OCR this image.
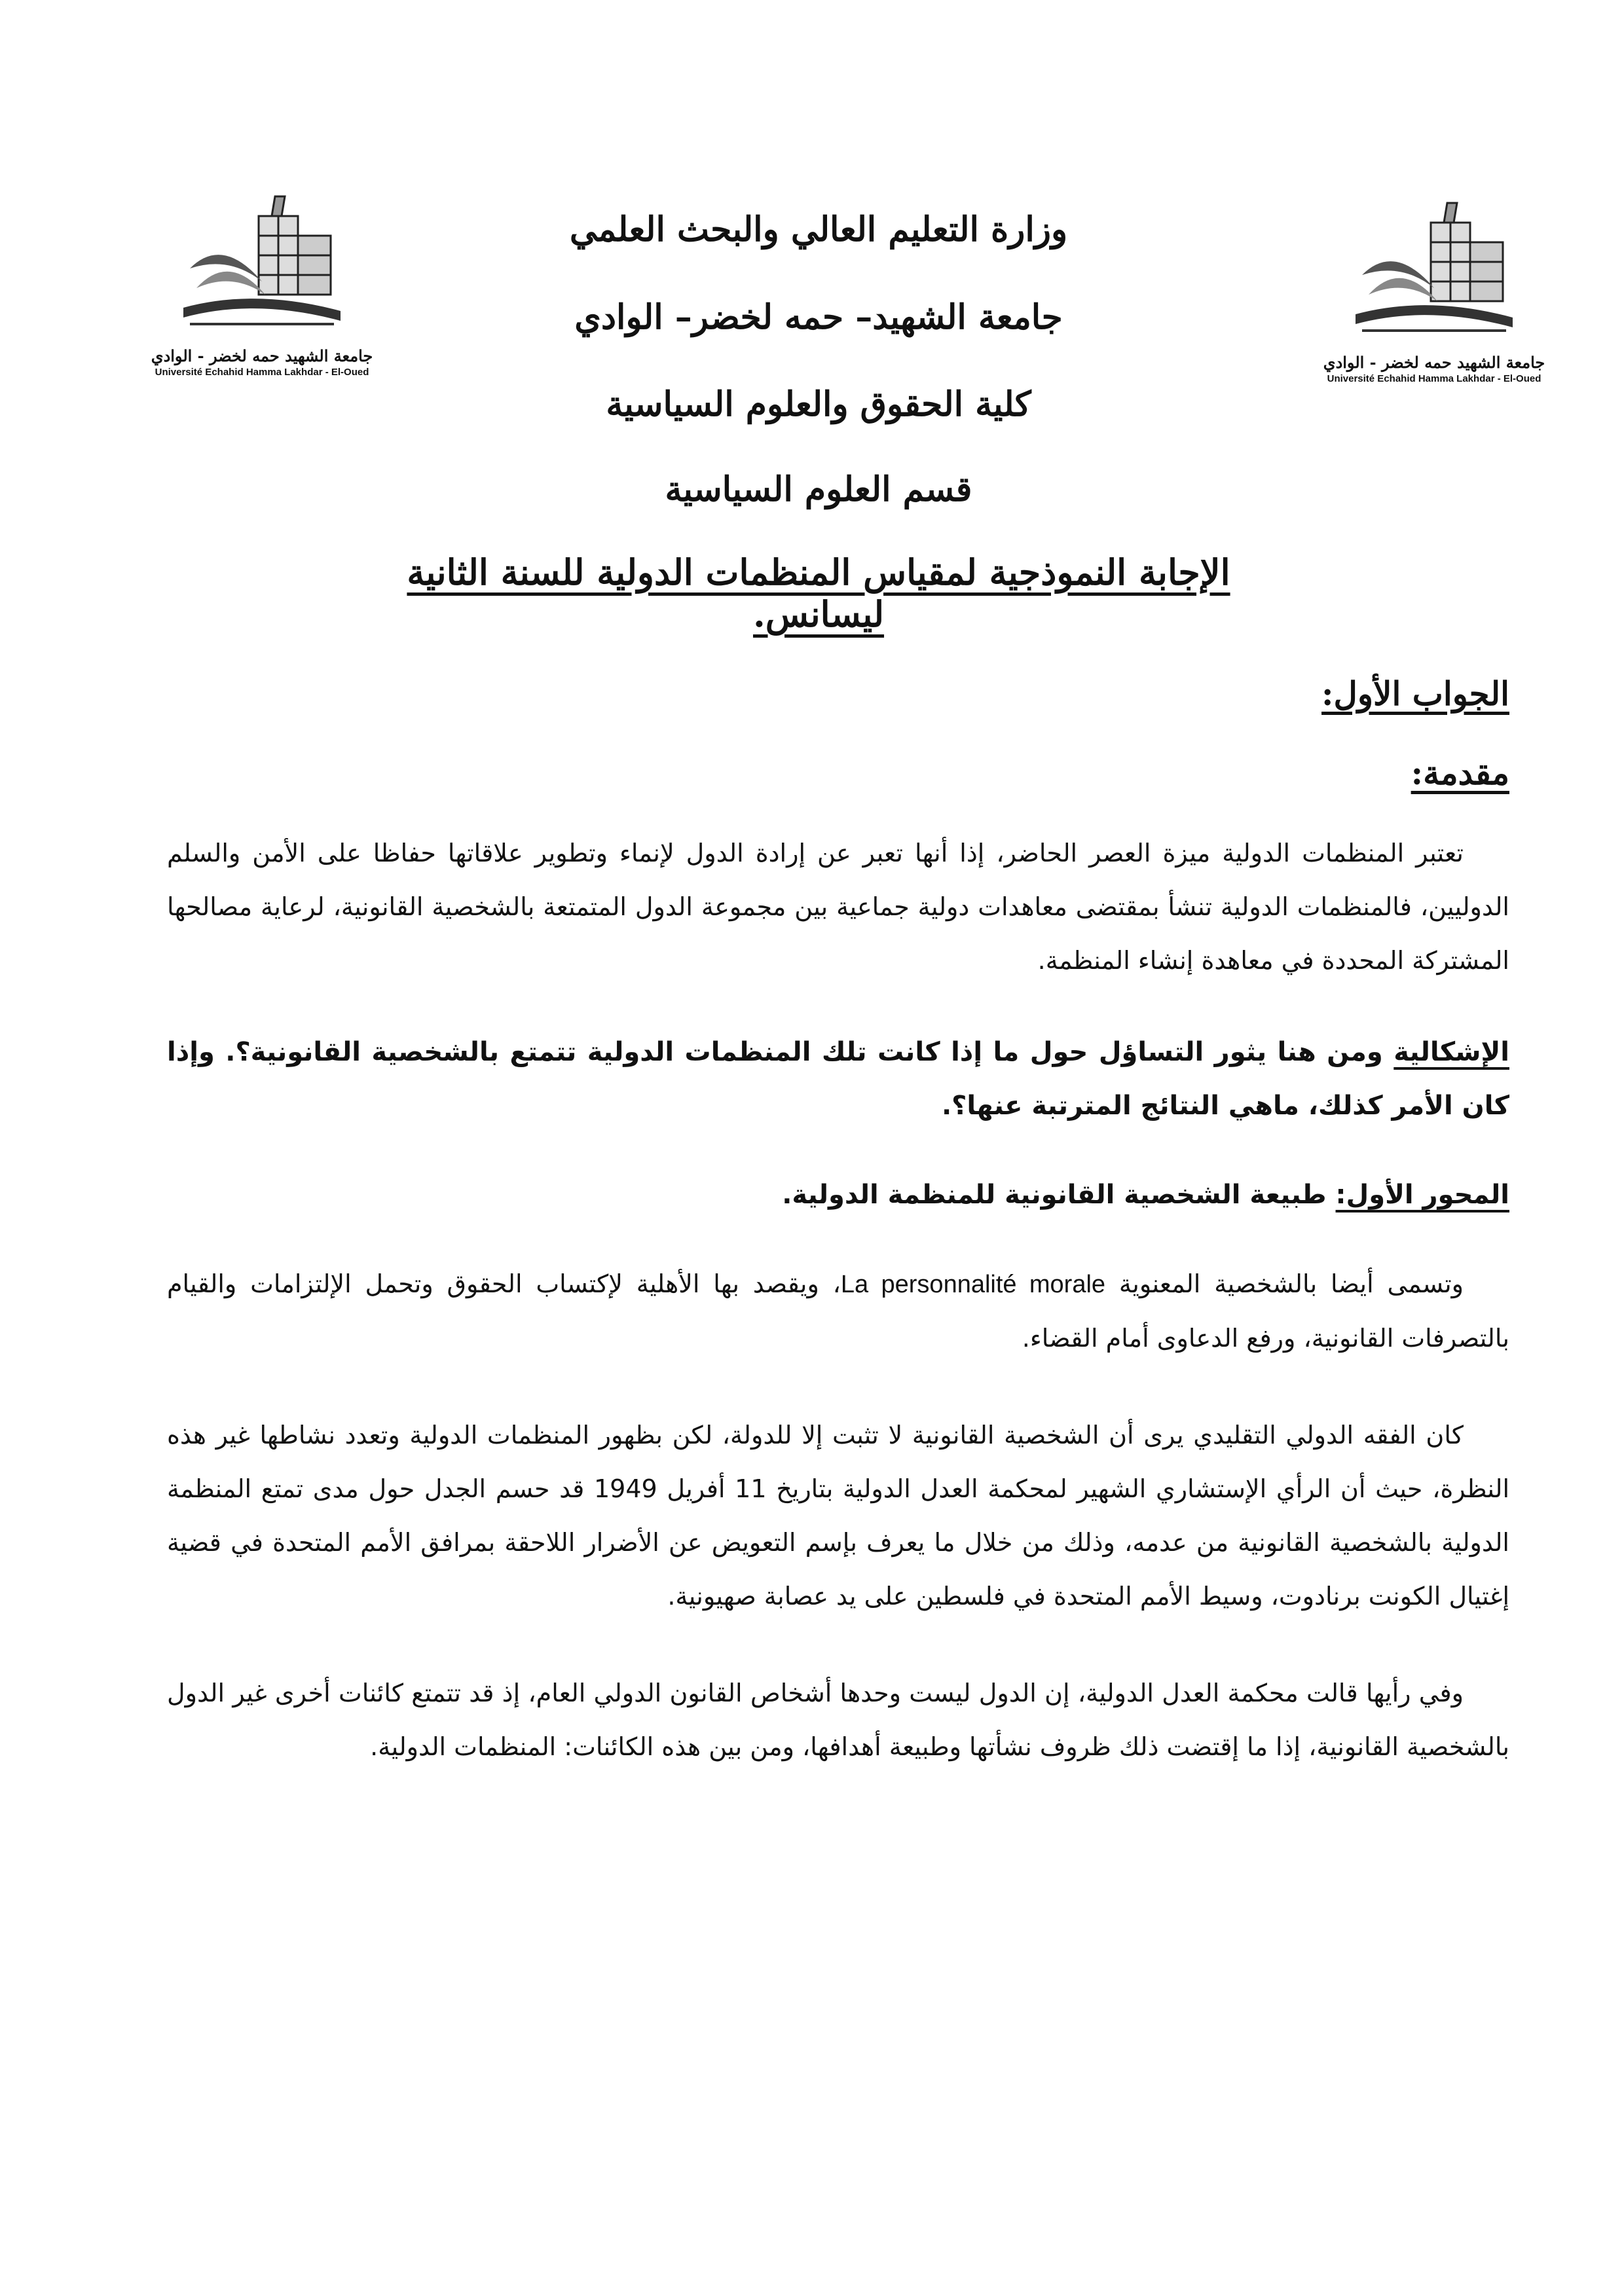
جامعة الشهيد حمه لخضر - الوادي
Université Echahid Hamma Lakhdar - El-Oued
جامعة الشهيد حمه لخضر - الوادي
Université Echahid Hamma Lakhdar - El-Oued
وزارة التعليم العالي والبحث العلمي
جامعة الشهيد– حمه لخضر– الوادي
كلية الحقوق والعلوم السياسية
قسم العلوم السياسية
الإجابة النموذجية لمقياس المنظمات الدولية للسنة الثانية ليسانس.

الجواب الأول:

مقدمة:

تعتبر المنظمات الدولية ميزة العصر الحاضر، إذا أنها تعبر عن إرادة الدول لإنماء وتطوير علاقاتها حفاظا على الأمن والسلم الدوليين، فالمنظمات الدولية تنشأ بمقتضى معاهدات دولية جماعية بين مجموعة الدول المتمتعة بالشخصية القانونية، لرعاية مصالحها المشتركة المحددة في معاهدة إنشاء المنظمة.

الإشكالية ومن هنا يثور التساؤل حول ما إذا كانت تلك المنظمات الدولية تتمتع بالشخصية القانونية؟. وإذا كان الأمر كذلك، ماهي النتائج المترتبة عنها؟.

المحور الأول: طبيعة الشخصية القانونية للمنظمة الدولية.

وتسمى أيضا بالشخصية المعنوية La personnalité morale، ويقصد بها الأهلية لإكتساب الحقوق وتحمل الإلتزامات والقيام بالتصرفات القانونية، ورفع الدعاوى أمام القضاء.

كان الفقه الدولي التقليدي يرى أن الشخصية القانونية لا تثبت إلا للدولة، لكن بظهور المنظمات الدولية وتعدد نشاطها غير هذه النظرة، حيث أن الرأي الإستشاري الشهير لمحكمة العدل الدولية بتاريخ 11 أفريل 1949 قد حسم الجدل حول مدى تمتع المنظمة الدولية بالشخصية القانونية من عدمه، وذلك من خلال ما يعرف بإسم التعويض عن الأضرار اللاحقة بمرافق الأمم المتحدة في قضية إغتيال الكونت برنادوت، وسيط الأمم المتحدة في فلسطين على يد عصابة صهيونية.

وفي رأيها قالت محكمة العدل الدولية، إن الدول ليست وحدها أشخاص القانون الدولي العام، إذ قد تتمتع كائنات أخرى غير الدول بالشخصية القانونية، إذا ما إقتضت ذلك ظروف نشأتها وطبيعة أهدافها، ومن بين هذه الكائنات: المنظمات الدولية.
